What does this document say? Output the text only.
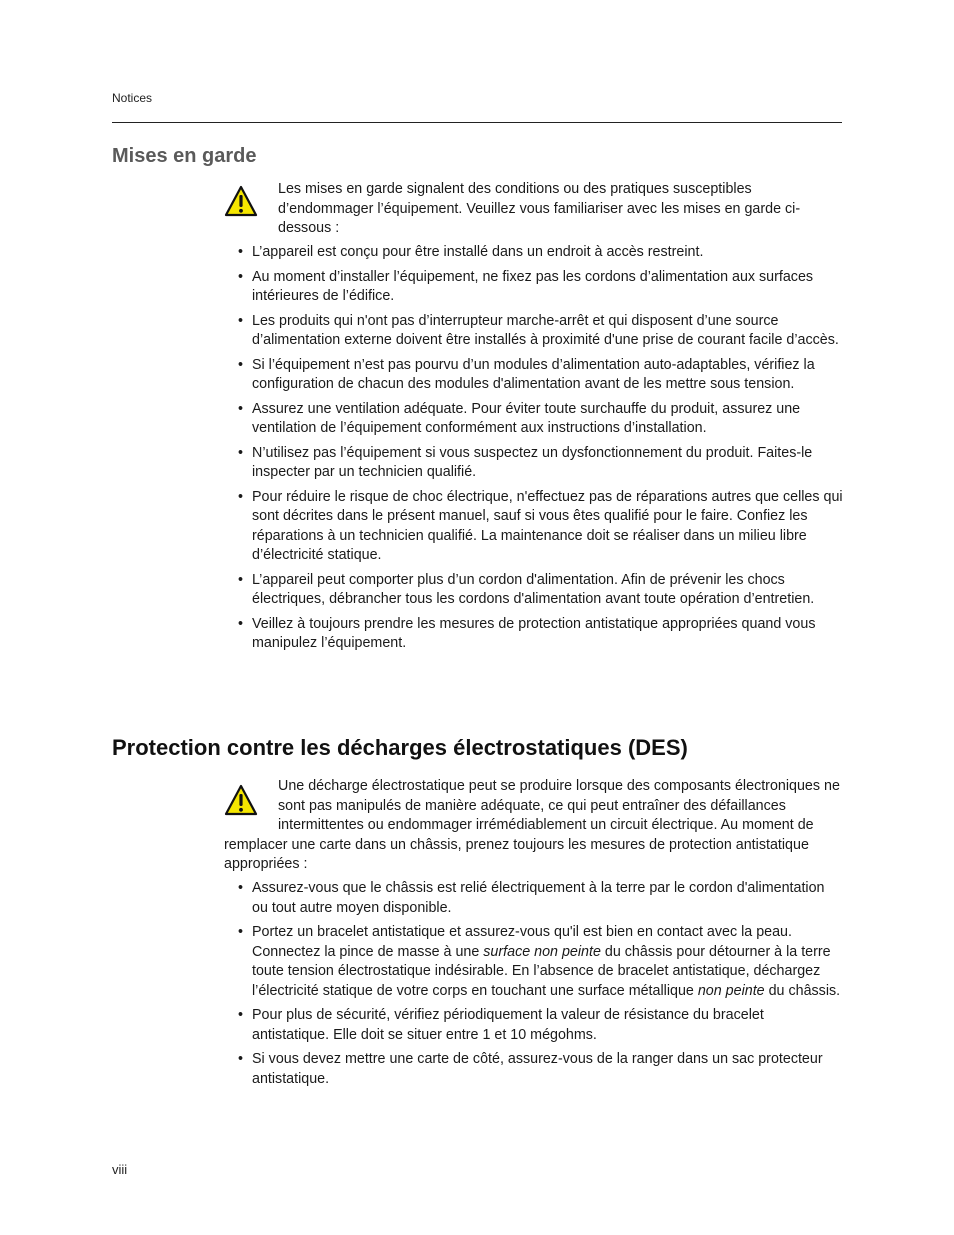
Notices
Mises en garde

Les mises en garde signalent des conditions ou des pratiques susceptibles d’endommager l’équipement. Veuillez vous familiariser avec les mises en garde ci-dessous :

• L’appareil est conçu pour être installé dans un endroit à accès restreint.
• Au moment d’installer l’équipement, ne fixez pas les cordons d’alimentation aux surfaces intérieures de l’édifice.
• Les produits qui n'ont pas d’interrupteur marche-arrêt et qui disposent d’une source d’alimentation externe doivent être installés à proximité d'une prise de courant facile d’accès.
• Si l’équipement n’est pas pourvu d’un modules d’alimentation auto-adaptables, vérifiez la configuration de chacun des modules d'alimentation avant de les mettre sous tension.
• Assurez une ventilation adéquate. Pour éviter toute surchauffe du produit, assurez une ventilation de l’équipement conformément aux instructions d’installation.
• N’utilisez pas l’équipement si vous suspectez un dysfonctionnement du produit. Faites-le inspecter par un technicien qualifié.
• Pour réduire le risque de choc électrique, n'effectuez pas de réparations autres que celles qui sont décrites dans le présent manuel, sauf si vous êtes qualifié pour le faire. Confiez les réparations à un technicien qualifié. La maintenance doit se réaliser dans un milieu libre d’électricité statique.
• L’appareil peut comporter plus d’un cordon d'alimentation. Afin de prévenir les chocs électriques, débrancher tous les cordons d'alimentation avant toute opération d’entretien.
• Veillez à toujours prendre les mesures de protection antistatique appropriées quand vous manipulez l’équipement.
Protection contre les décharges électrostatiques (DES)
Une décharge électrostatique peut se produire lorsque des composants électroniques ne sont pas manipulés de manière adéquate, ce qui peut entraîner des défaillances intermittentes ou endommager irrémédiablement un circuit électrique. Au moment de remplacer une carte dans un châssis, prenez toujours les mesures de protection antistatique appropriées :
• Assurez-vous que le châssis est relié électriquement à la terre par le cordon d'alimentation ou tout autre moyen disponible.
• Portez un bracelet antistatique et assurez-vous qu'il est bien en contact avec la peau. Connectez la pince de masse à une surface non peinte du châssis pour détourner à la terre toute tension électrostatique indésirable. En l’absence de bracelet antistatique, déchargez l’électricité statique de votre corps en touchant une surface métallique non peinte du châssis.
• Pour plus de sécurité, vérifiez périodiquement la valeur de résistance du bracelet antistatique. Elle doit se situer entre 1 et 10 mégohms.
• Si vous devez mettre une carte de côté, assurez-vous de la ranger dans un sac protecteur antistatique.
viii
